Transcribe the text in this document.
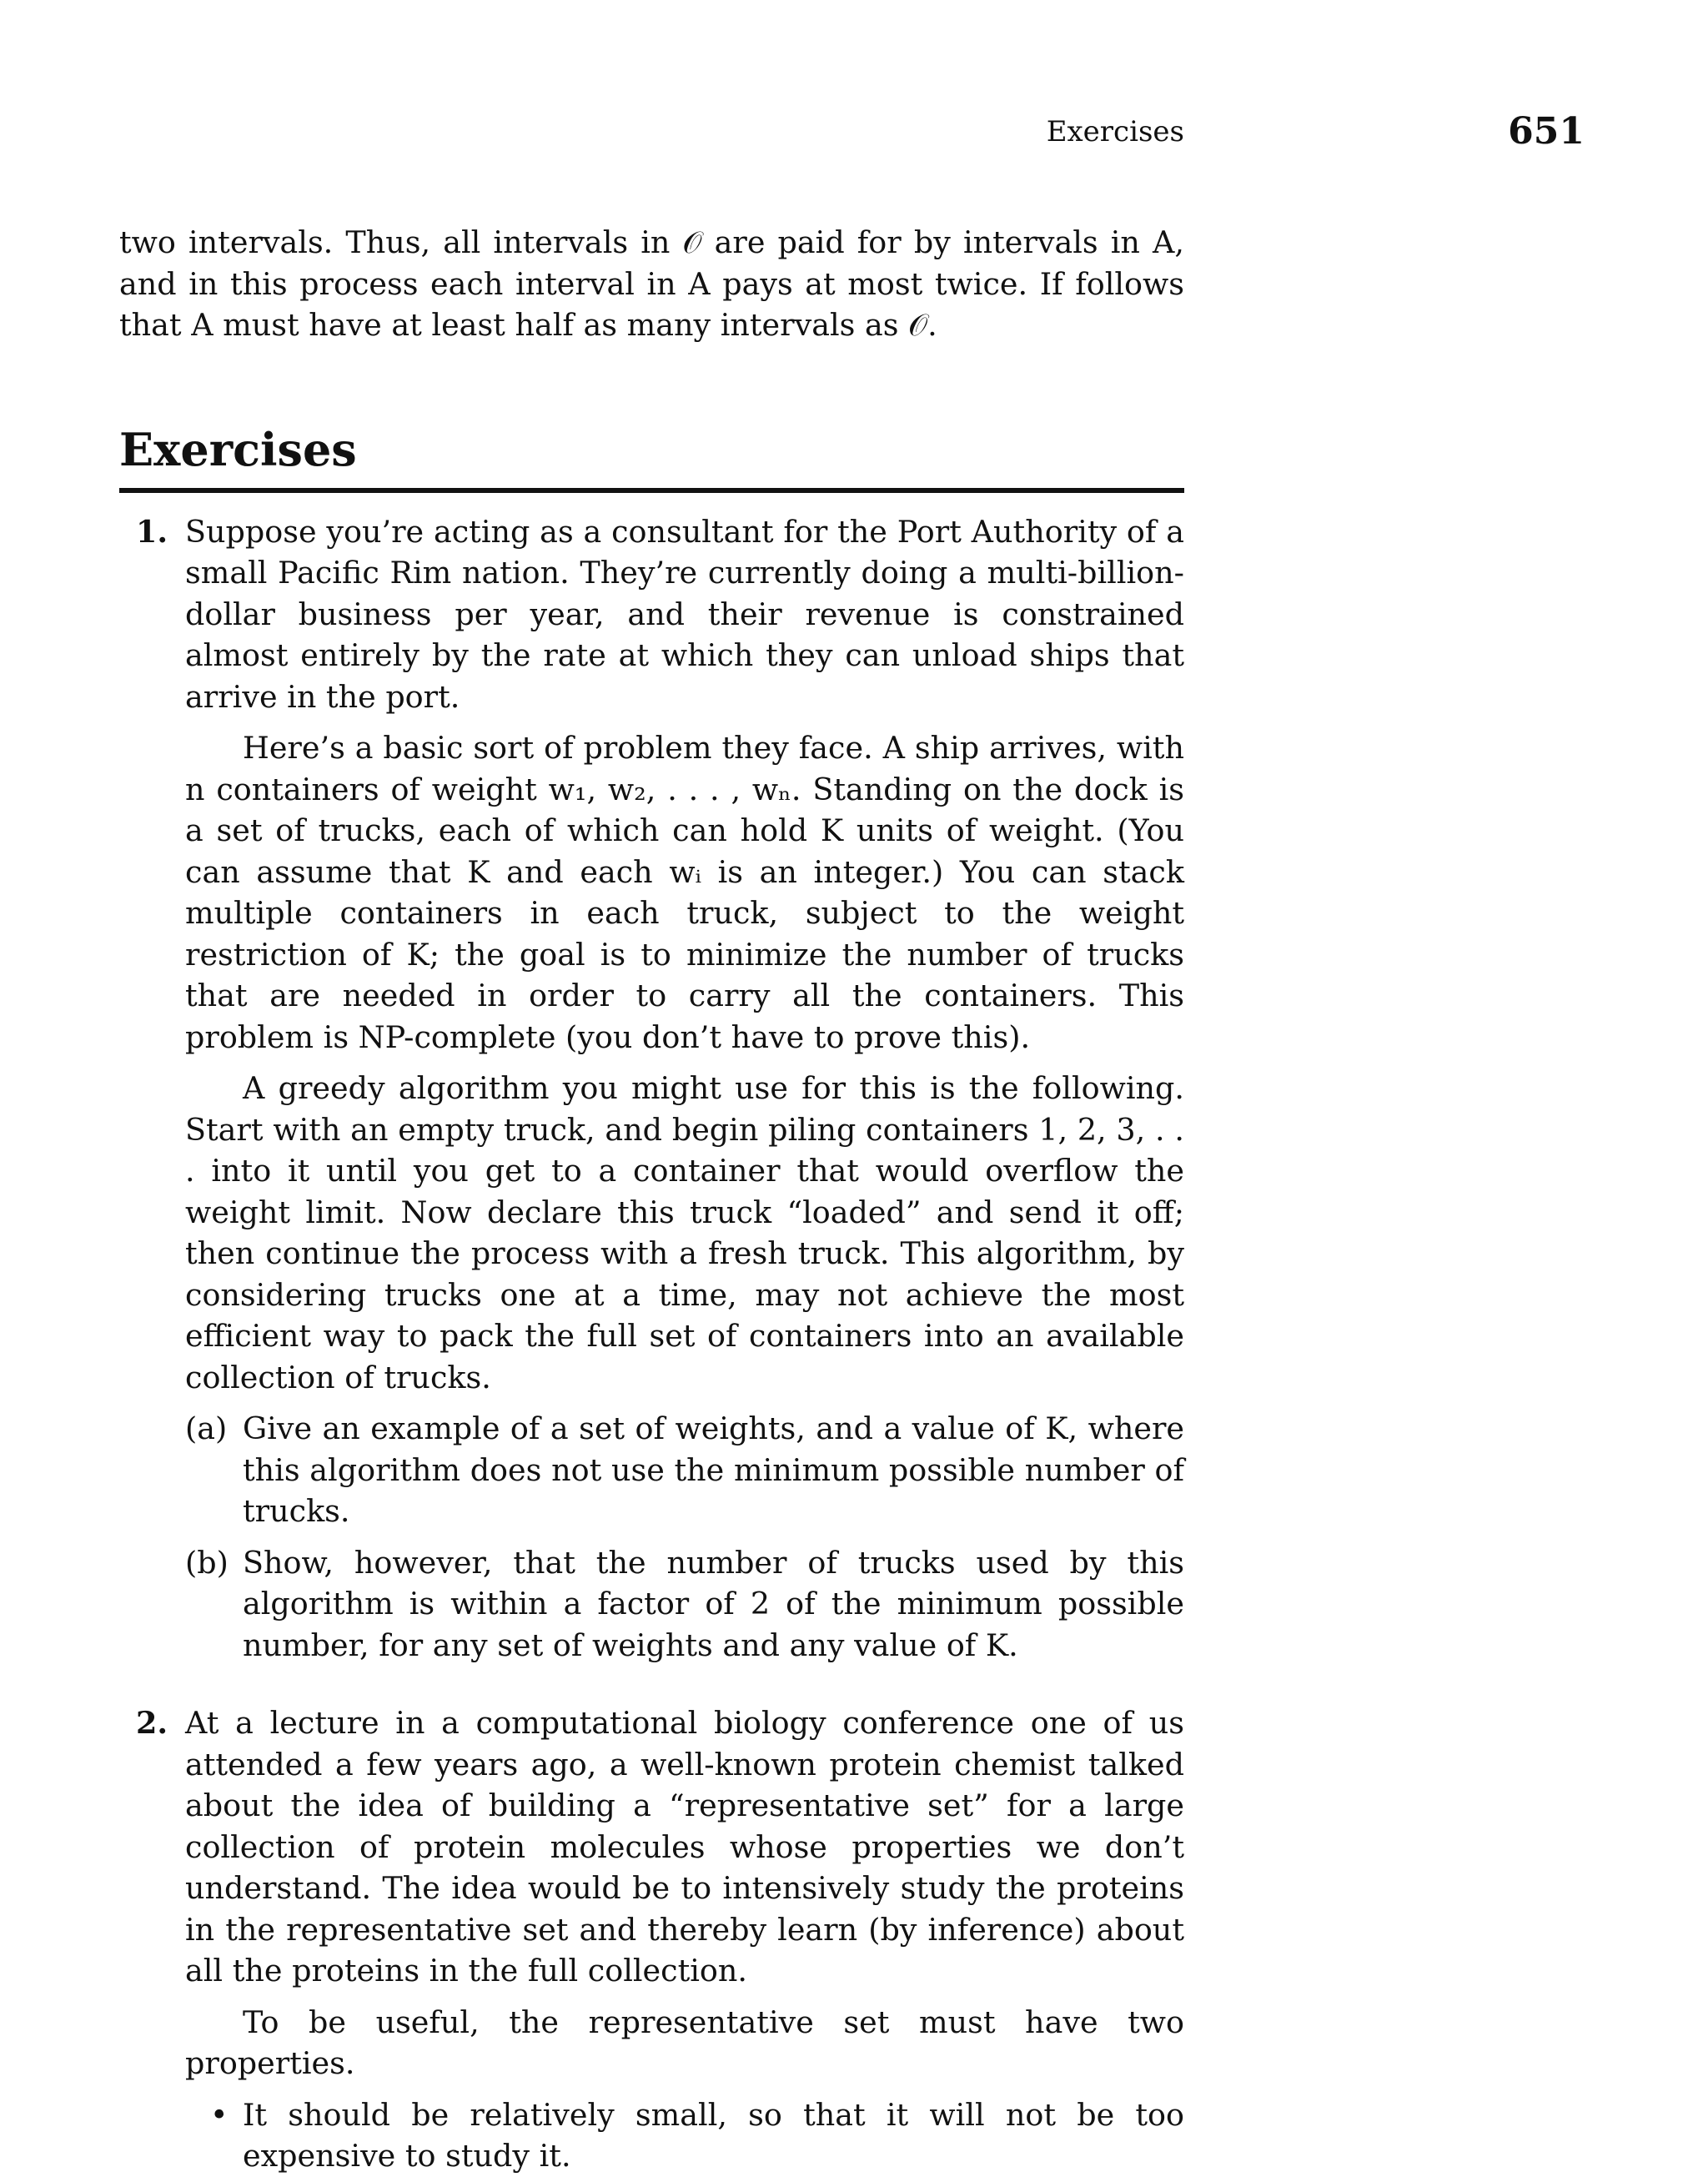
Exercises	651

two intervals. Thus, all intervals in 𝒪 are paid for by intervals in A, and in this process each interval in A pays at most twice. If follows that A must have at least half as many intervals as 𝒪.

Exercises
1. Suppose you’re acting as a consultant for the Port Authority of a small Pacific Rim nation. They’re currently doing a multi-billion-dollar business per year, and their revenue is constrained almost entirely by the rate at which they can unload ships that arrive in the port.

Here’s a basic sort of problem they face. A ship arrives, with n containers of weight w₁, w₂, . . . , wₙ. Standing on the dock is a set of trucks, each of which can hold K units of weight. (You can assume that K and each wᵢ is an integer.) You can stack multiple containers in each truck, subject to the weight restriction of K; the goal is to minimize the number of trucks that are needed in order to carry all the containers. This problem is NP-complete (you don’t have to prove this).

A greedy algorithm you might use for this is the following. Start with an empty truck, and begin piling containers 1, 2, 3, . . . into it until you get to a container that would overflow the weight limit. Now declare this truck “loaded” and send it off; then continue the process with a fresh truck. This algorithm, by considering trucks one at a time, may not achieve the most efficient way to pack the full set of containers into an available collection of trucks.

(a) Give an example of a set of weights, and a value of K, where this algorithm does not use the minimum possible number of trucks.

(b) Show, however, that the number of trucks used by this algorithm is within a factor of 2 of the minimum possible number, for any set of weights and any value of K.

2. At a lecture in a computational biology conference one of us attended a few years ago, a well-known protein chemist talked about the idea of building a “representative set” for a large collection of protein molecules whose properties we don’t understand. The idea would be to intensively study the proteins in the representative set and thereby learn (by inference) about all the proteins in the full collection.

To be useful, the representative set must have two properties.

• It should be relatively small, so that it will not be too expensive to study it.
